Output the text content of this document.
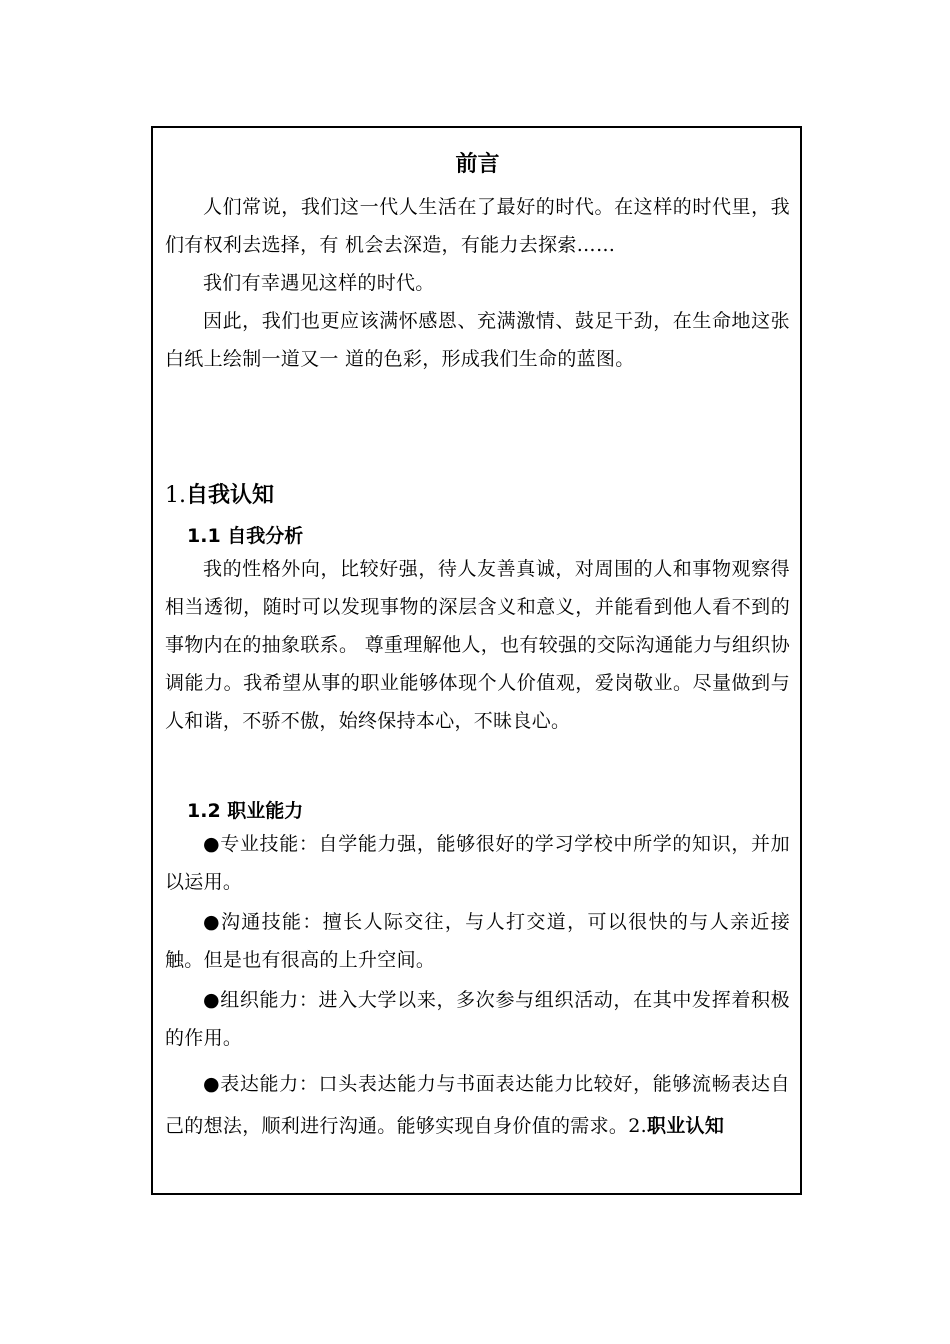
前言

人们常说，我们这一代人生活在了最好的时代。在这样的时代里，我们有权利去选择，有 机会去深造，有能力去探索……

我们有幸遇见这样的时代。

因此，我们也更应该满怀感恩、充满激情、鼓足干劲，在生命地这张白纸上绘制一道又一 道的色彩，形成我们生命的蓝图。

1.自我认知
1.1 自我分析

我的性格外向，比较好强，待人友善真诚，对周围的人和事物观察得相当透彻，随时可以发现事物的深层含义和意义，并能看到他人看不到的事物内在的抽象联系。 尊重理解他人，也有较强的交际沟通能力与组织协调能力。我希望从事的职业能够体现个人价值观，爱岗敬业。尽量做到与人和谐，不骄不傲，始终保持本心，不昧良心。

1.2 职业能力

●专业技能：自学能力强，能够很好的学习学校中所学的知识，并加以运用。

●沟通技能：擅长人际交往，与人打交道，可以很快的与人亲近接触。但是也有很高的上升空间。

●组织能力：进入大学以来，多次参与组织活动，在其中发挥着积极的作用。

●表达能力：口头表达能力与书面表达能力比较好，能够流畅表达自己的想法，顺利进行沟通。能够实现自身价值的需求。2.职业认知
